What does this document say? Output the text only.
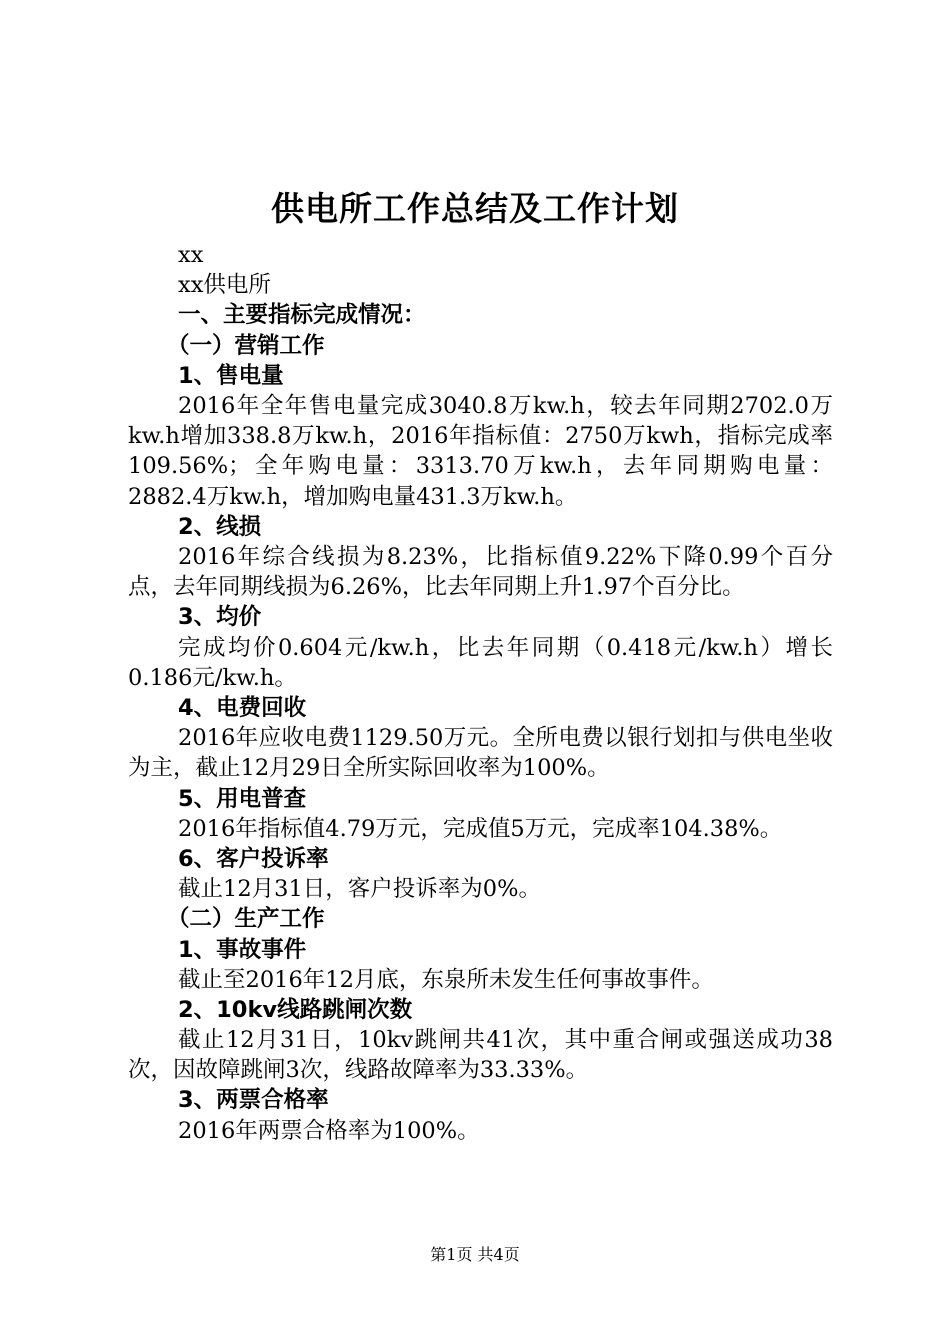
供电所工作总结及工作计划
xx
xx供电所
一、主要指标完成情况：
（一）营销工作
1、售电量
2016年全年售电量完成3040.8万kw.h，较去年同期2702.0万kw.h增加338.8万kw.h，2016年指标值：2750万kwh，指标完成率109.56%；全年购电量：3313.70万kw.h，去年同期购电量：2882.4万kw.h，增加购电量431.3万kw.h。
2、线损
2016年综合线损为8.23%，比指标值9.22%下降0.99个百分点，去年同期线损为6.26%，比去年同期上升1.97个百分比。
3、均价
完成均价0.604元/kw.h，比去年同期（0.418元/kw.h）增长0.186元/kw.h。
4、电费回收
2016年应收电费1129.50万元。全所电费以银行划扣与供电坐收为主，截止12月29日全所实际回收率为100%。
5、用电普查
2016年指标值4.79万元，完成值5万元，完成率104.38%。
6、客户投诉率
截止12月31日，客户投诉率为0%。
（二）生产工作
1、事故事件
截止至2016年12月底，东泉所未发生任何事故事件。
2、10kv线路跳闸次数
截止12月31日，10kv跳闸共41次，其中重合闸或强送成功38次，因故障跳闸3次，线路故障率为33.33%。
3、两票合格率
2016年两票合格率为100%。
第1页 共4页
